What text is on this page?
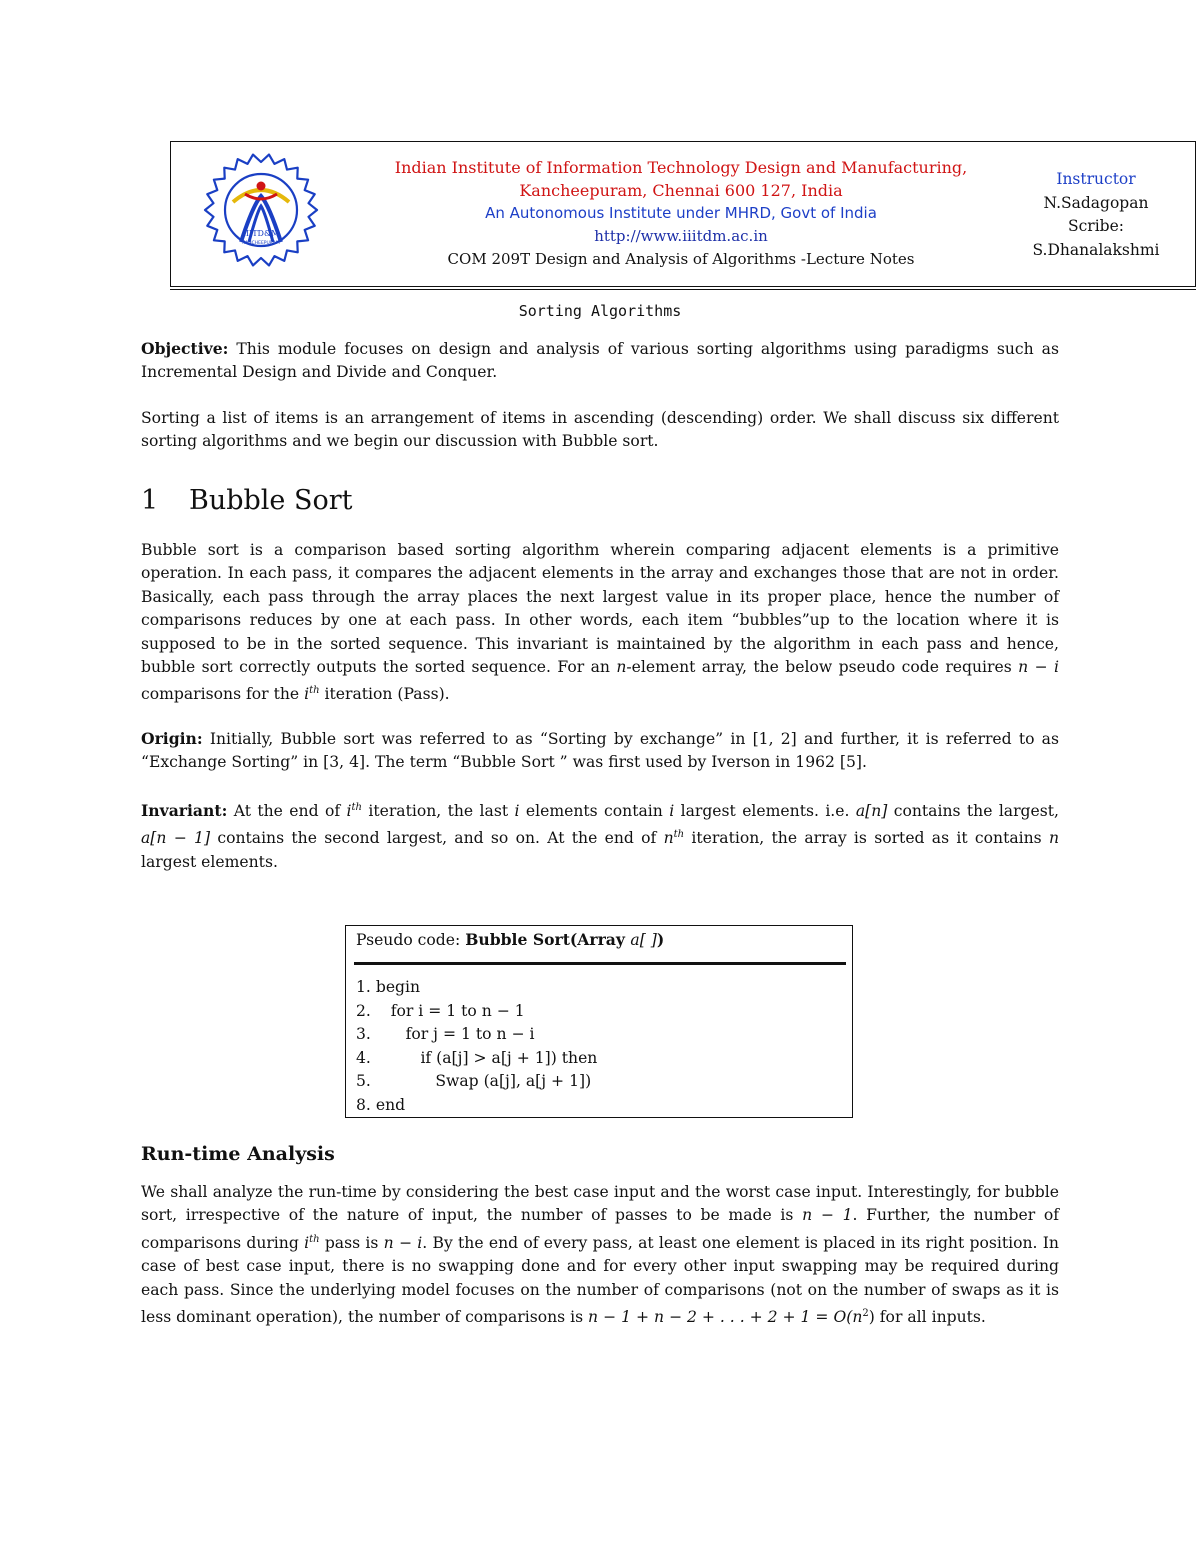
IIITD&M
KANCHEEPURAM
Indian Institute of Information Technology Design and Manufacturing,
Kancheepuram, Chennai 600 127, India
An Autonomous Institute under MHRD, Govt of India
http://www.iiitdm.ac.in
COM 209T Design and Analysis of Algorithms -Lecture Notes
Instructor
N.Sadagopan
Scribe:
S.Dhanalakshmi
Sorting Algorithms
Objective: This module focuses on design and analysis of various sorting algorithms using paradigms such as Incremental Design and Divide and Conquer.
Sorting a list of items is an arrangement of items in ascending (descending) order. We shall discuss six different sorting algorithms and we begin our discussion with Bubble sort.
1 Bubble Sort
Bubble sort is a comparison based sorting algorithm wherein comparing adjacent elements is a primitive operation. In each pass, it compares the adjacent elements in the array and exchanges those that are not in order. Basically, each pass through the array places the next largest value in its proper place, hence the number of comparisons reduces by one at each pass. In other words, each item “bubbles”up to the location where it is supposed to be in the sorted sequence. This invariant is maintained by the algorithm in each pass and hence, bubble sort correctly outputs the sorted sequence. For an n-element array, the below pseudo code requires n − i comparisons for the $i^{th}$ iteration (Pass).
Origin: Initially, Bubble sort was referred to as “Sorting by exchange” in [1, 2] and further, it is referred to as “Exchange Sorting” in [3, 4]. The term “Bubble Sort ” was first used by Iverson in 1962 [5].
Invariant: At the end of $i^{th}$ iteration, the last i elements contain i largest elements. i.e. a[n] contains the largest, a[n − 1] contains the second largest, and so on. At the end of $n^{th}$ iteration, the array is sorted as it contains n largest elements.
Pseudo code: Bubble Sort(Array a[ ])
1. begin
2.    for i = 1 to n − 1
3.       for j = 1 to n − i
4.          if (a[j] > a[j + 1]) then
5.             Swap (a[j], a[j + 1])
8. end
Run-time Analysis
We shall analyze the run-time by considering the best case input and the worst case input. Interestingly, for bubble sort, irrespective of the nature of input, the number of passes to be made is n − 1. Further, the number of comparisons during $i^{th}$ pass is n − i. By the end of every pass, at least one element is placed in its right position. In case of best case input, there is no swapping done and for every other input swapping may be required during each pass. Since the underlying model focuses on the number of comparisons (not on the number of swaps as it is less dominant operation), the number of comparisons is n − 1 + n − 2 + . . . + $2 + 1 = O(n^2)$ for all inputs.
